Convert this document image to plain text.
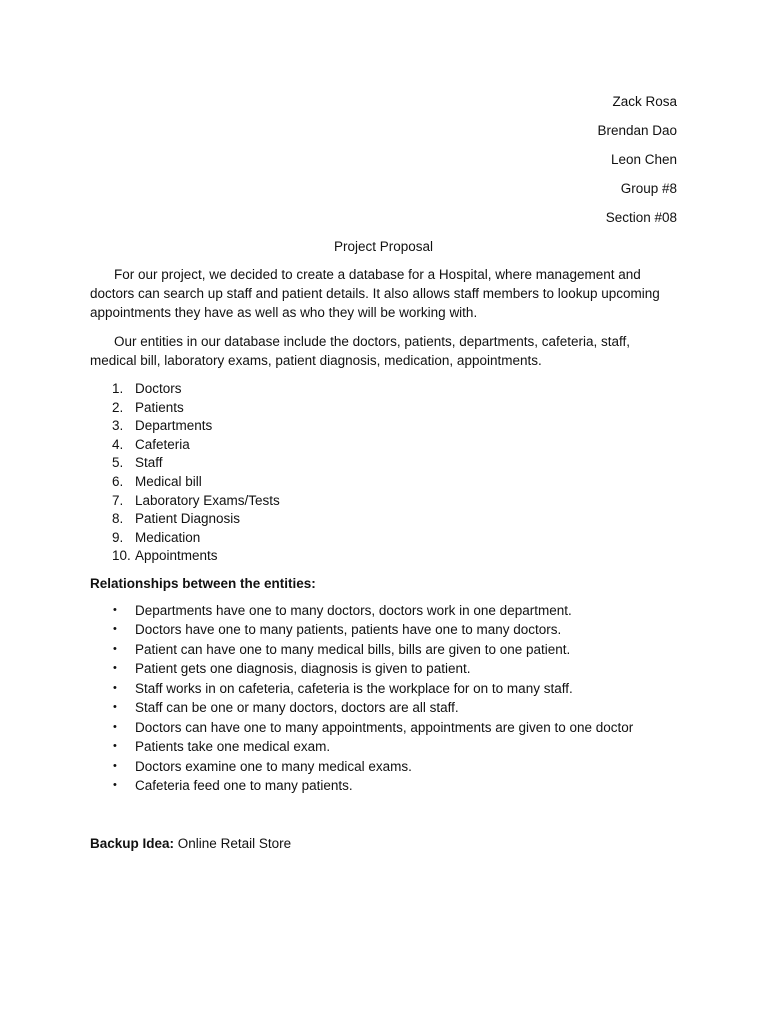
Zack Rosa
Brendan Dao
Leon Chen
Group #8
Section #08
Project Proposal

For our project, we decided to create a database for a Hospital, where management and doctors can search up staff and patient details. It also allows staff members to lookup upcoming appointments they have as well as who they will be working with.

Our entities in our database include the doctors, patients, departments, cafeteria, staff, medical bill, laboratory exams, patient diagnosis, medication, appointments.

1. Doctors
2. Patients
3. Departments
4. Cafeteria
5. Staff
6. Medical bill
7. Laboratory Exams/Tests
8. Patient Diagnosis
9. Medication
10. Appointments
Relationships between the entities:
• Departments have one to many doctors, doctors work in one department.
• Doctors have one to many patients, patients have one to many doctors.
• Patient can have one to many medical bills, bills are given to one patient.
• Patient gets one diagnosis, diagnosis is given to patient.
• Staff works in on cafeteria, cafeteria is the workplace for on to many staff.
• Staff can be one or many doctors, doctors are all staff.
• Doctors can have one to many appointments, appointments are given to one doctor
• Patients take one medical exam.
• Doctors examine one to many medical exams.
• Cafeteria feed one to many patients.
Backup Idea: Online Retail Store
